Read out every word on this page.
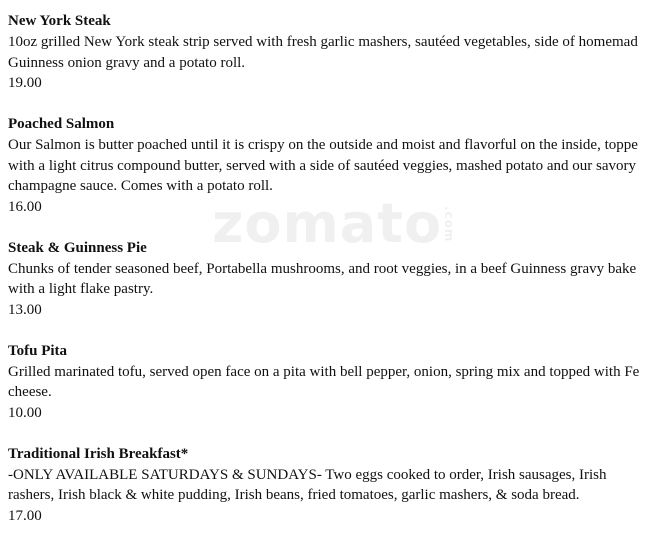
zomato.com
New York Steak
10oz grilled New York steak strip served with fresh garlic mashers, sautéed vegetables, side of homemad
Guinness onion gravy and a potato roll.
19.00
Poached Salmon
Our Salmon is butter poached until it is crispy on the outside and moist and flavorful on the inside, toppe
with a light citrus compound butter, served with a side of sautéed veggies, mashed potato and our savory
champagne sauce. Comes with a potato roll.
16.00
Steak & Guinness Pie
Chunks of tender seasoned beef, Portabella mushrooms, and root veggies, in a beef Guinness gravy bake
with a light flake pastry.
13.00
Tofu Pita
Grilled marinated tofu, served open face on a pita with bell pepper, onion, spring mix and topped with Fe
cheese.
10.00
Traditional Irish Breakfast*
-ONLY AVAILABLE SATURDAYS & SUNDAYS- Two eggs cooked to order, Irish sausages, Irish
rashers, Irish black & white pudding, Irish beans, fried tomatoes, garlic mashers, & soda bread.
17.00
